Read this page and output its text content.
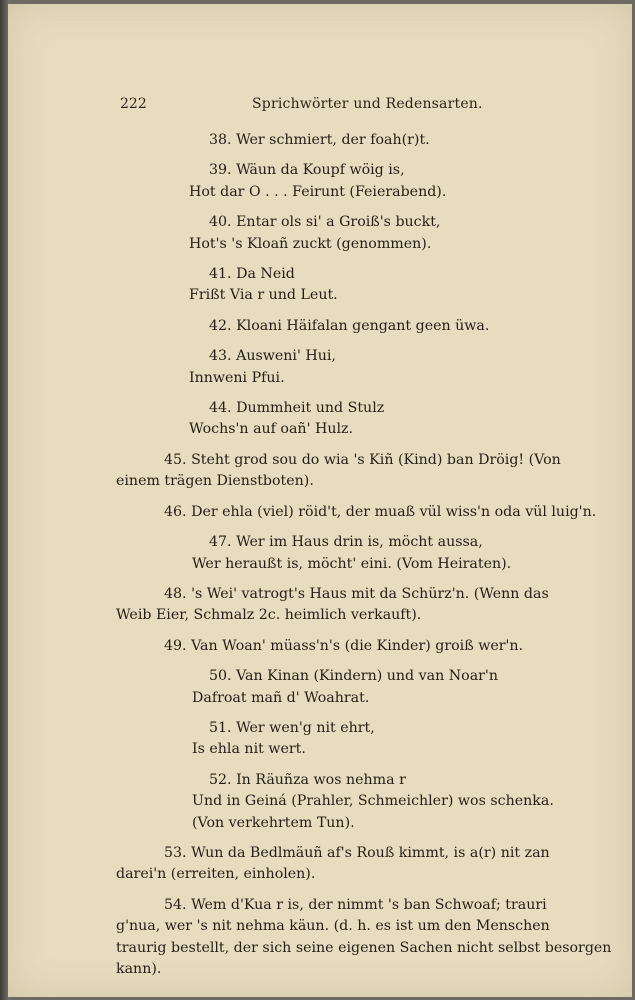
222	Sprichwörter und Redensarten.
38. Wer schmiert, der foah(r)t.
39. Wäun da Koupf wöig is,
Hot dar O . . . Feirunt (Feierabend).
40. Entar ols si' a Groiß's buckt,
Hot's 's Kloañ zuckt (genommen).
41. Da Neid
Frißt Via r und Leut.
42. Kloani Häifalan gengant geen üwa.
43. Ausweni' Hui,
Innweni Pfui.
44. Dummheit und Stulz
Wochs'n auf oañ' Hulz.
45. Steht grod sou do wia 's Kiñ (Kind) ban Dröig! (Von
einem trägen Dienstboten).
46. Der ehla (viel) röid't, der muaß vül wiss'n oda vül luig'n.
47. Wer im Haus drin is, möcht aussa,
Wer heraußt is, möcht' eini. (Vom Heiraten).
48. 's Wei' vatrogt's Haus mit da Schürz'n. (Wenn das
Weib Eier, Schmalz 2c. heimlich verkauft).
49. Van Woan' müass'n's (die Kinder) groiß wer'n.
50. Van Kinan (Kindern) und van Noar'n
Dafroat mañ d' Woahrat.
51. Wer wen'g nit ehrt,
Is ehla nit wert.
52. In Räuñza wos nehma r
Und in Geiná (Prahler, Schmeichler) wos schenka.
(Von verkehrtem Tun).
53. Wun da Bedlmäuñ af's Rouß kimmt, is a(r) nit zan
darei'n (erreiten, einholen).
54. Wem d'Kua r is, der nimmt 's ban Schwoaf; trauri
g'nua, wer 's nit nehma käun. (d. h. es ist um den Menschen
traurig bestellt, der sich seine eigenen Sachen nicht selbst besorgen
kann).
